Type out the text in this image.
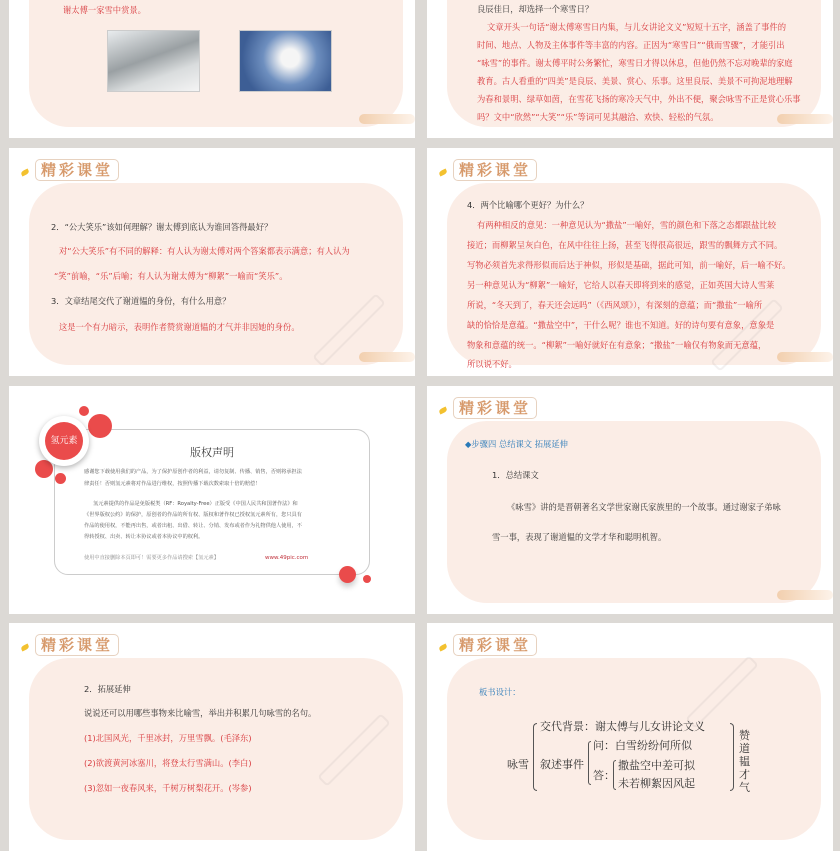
谢太傅一家雪中赏景。	良辰佳日，却选择一个寒雪日？
文章开头一句话“谢太傅寒雪日内集，与儿女讲论文义”短短十五字，涵盖了事件的
时间、地点、人物及主体事件等丰富的内容。正因为“寒雪日”“俄而雪骤”，才能引出
“咏雪”的事件。谢太傅平时公务繁忙，寒雪日才得以休息，但他仍然不忘对晚辈的家庭
教育。古人看重的“四美”是良辰、美景、赏心、乐事。这里良辰、美景不可拘泥地理解
为春和景明、绿草如茵，在雪花飞扬的寒冷天气中，外出不便，聚会咏雪不正是赏心乐事
吗？文中“欣然”“大笑”“乐”等词可见其融洽、欢快、轻松的气氛。
精彩课堂
2．“公大笑乐”该如何理解？谢太傅到底认为谁回答得最好？
对“公大笑乐”有不同的解释：有人认为谢太傅对两个答案都表示满意；有人认为
“笑”前喻，“乐”后喻；有人认为谢太傅为“柳絮”一喻而“笑乐”。
3．文章结尾交代了谢道韫的身份，有什么用意？
这是一个有力暗示，表明作者赞赏谢道韫的才气并非因她的身份。
精彩课堂
4．两个比喻哪个更好？为什么？
有两种相反的意见：一种意见认为“撒盐”一喻好，雪的颜色和下落之态都跟盐比较
接近；而柳絮呈灰白色，在风中往往上扬，甚至飞得很高很远，跟雪的飘舞方式不同。
写物必须首先求得形似而后达于神似，形似是基础，据此可知，前一喻好，后一喻不好。
另一种意见认为“柳絮”一喻好，它给人以春天即将到来的感觉，正如英国大诗人雪莱
所说，“冬天到了，春天还会远吗”（《西风颂》），有深刻的意蕴；而“撒盐”一喻所
缺的恰恰是意蕴。“撒盐空中”，干什么呢？谁也不知道。好的诗句要有意象，意象是
物象和意蕴的统一。“柳絮”一喻好就好在有意象；“撒盐”一喻仅有物象而无意蕴，
所以说不好。
氢元素
版权声明
感谢您下载使用我们的产品，为了保护原创作者的利益，请勿复制、传播、销售，否则将承担法
律责任！否则氢元素将对作品进行维权，按照传播下载次数索取十倍的赔偿！
氢元素提供的作品是免版税类（RF：Royalty-Free）正版受《中国人民共和国著作法》和
《世界版权公约》的保护，原创者的作品的所有权、版权和著作权已授权氢元素所有，您只具有
作品的使用权，不能再出售，或者出租、出借、转让、分销、发布或者作为礼物供他人使用，不
得转授权、出卖、转让本协议或者本协议中的权利。
使用中直接删除本页即可！需要更多作品请搜索【氢元素】	www.49pic.com
精彩课堂
◆步骤四 总结课文 拓展延伸
1．总结课文
《咏雪》讲的是晋朝著名文学世家谢氏家族里的一个故事。通过谢家子弟咏
雪一事，表现了谢道韫的文学才华和聪明机智。
精彩课堂
2．拓展延伸
说说还可以用哪些事物来比喻雪，举出并积累几句咏雪的名句。
(1)北国风光，千里冰封，万里雪飘。(毛泽东)
(2)欲渡黄河冰塞川，将登太行雪满山。(李白)
(3)忽如一夜春风来，千树万树梨花开。(岑参)
精彩课堂
板书设计：
咏雪
交代背景：谢太傅与儿女讲论文义
叙述事件
问：白雪纷纷何所似
答：
撒盐空中差可拟
未若柳絮因风起
赞道韫才气
